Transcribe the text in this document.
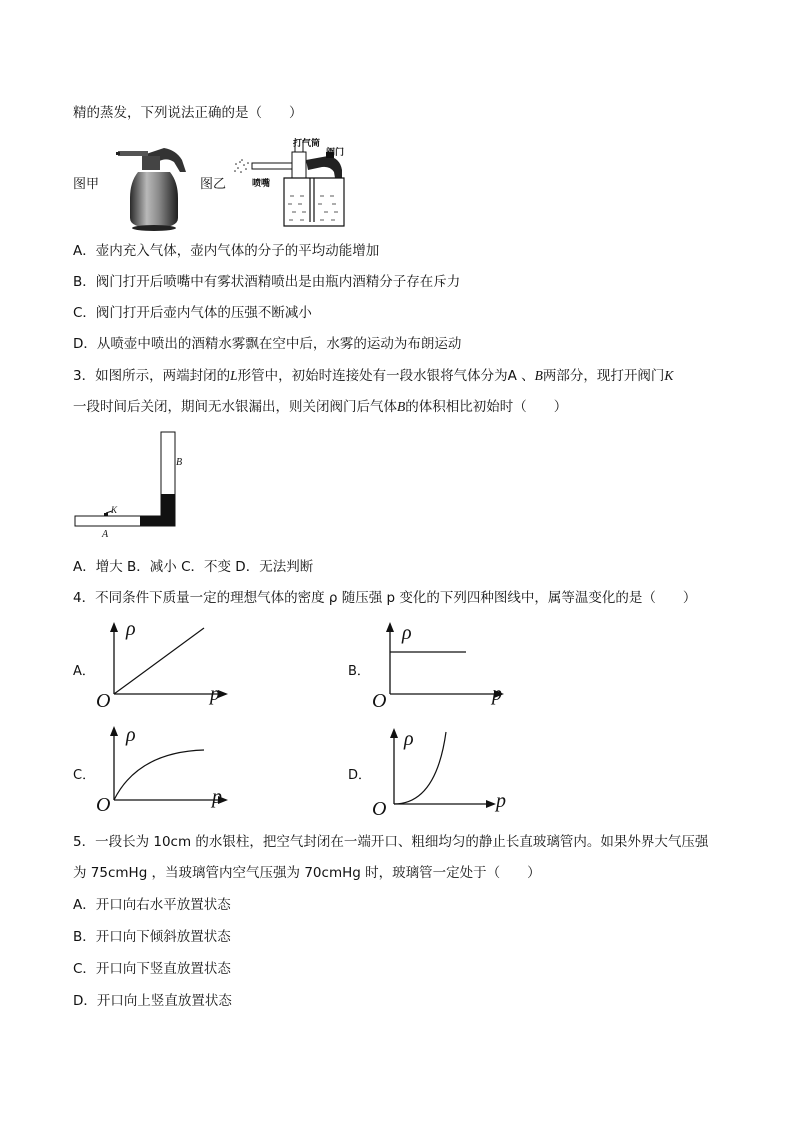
精的蒸发，下列说法正确的是（　　）
图甲	图乙
打气筒
阀门
喷嘴
A．壶内充入气体，壶内气体的分子的平均动能增加
B．阀门打开后喷嘴中有雾状酒精喷出是由瓶内酒精分子存在斥力
C．阀门打开后壶内气体的压强不断减小
D．从喷壶中喷出的酒精水雾飘在空中后，水雾的运动为布朗运动
3．如图所示，两端封闭的L形管中，初始时连接处有一段水银将气体分为A 、B两部分，现打开阀门K
一段时间后关闭，期间无水银漏出，则关闭阀门后气体B的体积相比初始时（　　）
K
A
B
A．增大 B．减小 C．不变 D．无法判断
4．不同条件下质量一定的理想气体的密度 ρ 随压强 p 变化的下列四种图线中，属等温变化的是（　　）
A．
ρ
p
O
B．
ρ
p
O
C．
ρ
p
O
D．
ρ
p
O
5．一段长为 10cm 的水银柱，把空气封闭在一端开口、粗细均匀的静止长直玻璃管内。如果外界大气压强
为 75cmHg ，当玻璃管内空气压强为 70cmHg 时，玻璃管一定处于（　　）
A．开口向右水平放置状态
B．开口向下倾斜放置状态
C．开口向下竖直放置状态
D．开口向上竖直放置状态
